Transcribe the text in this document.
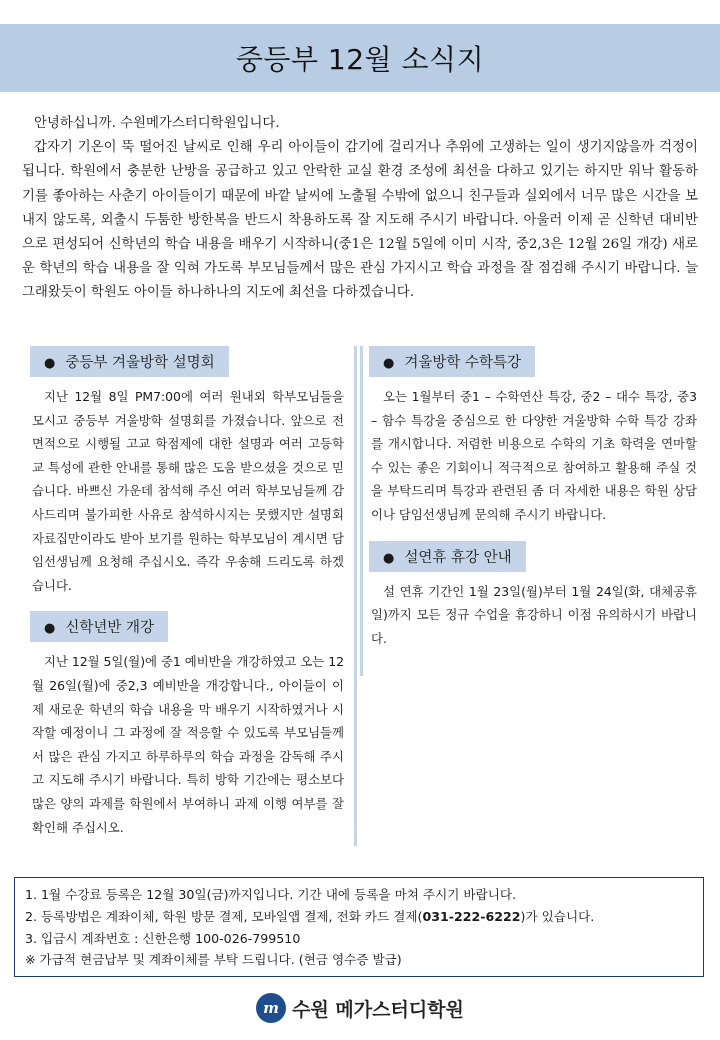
중등부 12월 소식지

안녕하십니까. 수원메가스터디학원입니다.

갑자기 기온이 뚝 떨어진 날씨로 인해 우리 아이들이 감기에 걸리거나 추위에 고생하는 일이 생기지않을까 걱정이 됩니다. 학원에서 충분한 난방을 공급하고 있고 안락한 교실 환경 조성에 최선을 다하고 있기는 하지만 워낙 활동하기를 좋아하는 사춘기 아이들이기 때문에 바깥 날씨에 노출될 수밖에 없으니 친구들과 실외에서 너무 많은 시간을 보내지 않도록, 외출시 두툼한 방한복을 반드시 착용하도록 잘 지도해 주시기 바랍니다. 아울러 이제 곧 신학년 대비반으로 편성되어 신학년의 학습 내용을 배우기 시작하니(중1은 12월 5일에 이미 시작, 중2,3은 12월 26일 개강) 새로운 학년의 학습 내용을 잘 익혀 가도록 부모님들께서 많은 관심 가지시고 학습 과정을 잘 점검해 주시기 바랍니다. 늘 그래왔듯이 학원도 아이들 하나하나의 지도에 최선을 다하겠습니다.

● 중등부 겨울방학 설명회

지난 12월 8일 PM7:00에 여러 원내외 학부모님들을 모시고 중등부 겨울방학 설명회를 가졌습니다. 앞으로 전면적으로 시행될 고교 학점제에 대한 설명과 여러 고등학교 특성에 관한 안내를 통해 많은 도움 받으셨을 것으로 믿습니다. 바쁘신 가운데 참석해 주신 여러 학부모님들께 감사드리며 불가피한 사유로 참석하시지는 못했지만 설명회 자료집만이라도 받아 보기를 원하는 학부모님이 계시면 담임선생님께 요청해 주십시오. 즉각 우송해 드리도록 하겠습니다.

● 신학년반 개강

지난 12월 5일(월)에 중1 예비반을 개강하였고 오는 12월 26일(월)에 중2,3 예비반을 개강합니다., 아이들이 이제 새로운 학년의 학습 내용을 막 배우기 시작하였거나 시작할 예정이니 그 과정에 잘 적응할 수 있도록 부모님들께서 많은 관심 가지고 하루하루의 학습 과정을 감독해 주시고 지도해 주시기 바랍니다. 특히 방학 기간에는 평소보다 많은 양의 과제를 학원에서 부여하니 과제 이행 여부를 잘 확인해 주십시오.

● 겨울방학 수학특강

오는 1월부터 중1 – 수학연산 특강, 중2 – 대수 특강, 중3 – 함수 특강을 중심으로 한 다양한 겨울방학 수학 특강 강좌를 개시합니다. 저렴한 비용으로 수학의 기초 학력을 연마할 수 있는 좋은 기회이니 적극적으로 참여하고 활용해 주실 것을 부탁드리며 특강과 관련된 좀 더 자세한 내용은 학원 상담이나 담임선생님께 문의해 주시기 바랍니다.

● 설연휴 휴강 안내

설 연휴 기간인 1월 23일(월)부터 1월 24일(화, 대체공휴일)까지 모든 정규 수업을 휴강하니 이점 유의하시기 바랍니다.

1. 1월 수강료 등록은 12월 30일(금)까지입니다. 기간 내에 등록을 마쳐 주시기 바랍니다.
2. 등록방법은 계좌이체, 학원 방문 결제, 모바일앱 결제, 전화 카드 결제(031-222-6222)가 있습니다.
3. 입금시 계좌번호 : 신한은행 100-026-799510
※ 가급적 현금납부 및 계좌이체를 부탁 드립니다. (현금 영수증 발급)
m 수원 메가스터디학원
